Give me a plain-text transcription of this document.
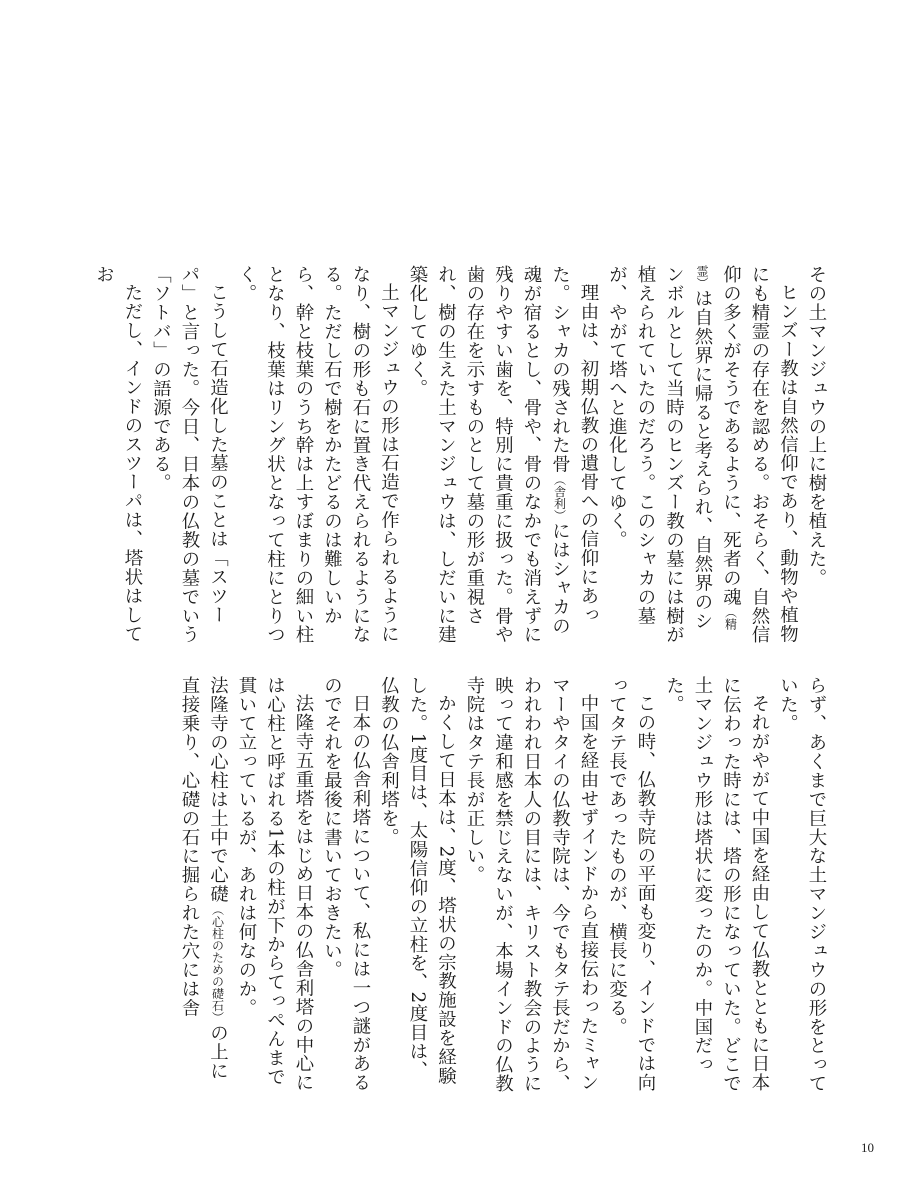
その土マンジュウの上に樹を植えた。

ヒンズー教は自然信仰であり、動物や植物にも精霊の存在を認める。おそらく、自然信仰の多くがそうであるように、死者の魂（精霊）は自然界に帰ると考えられ、自然界のシンボルとして当時のヒンズー教の墓には樹が植えられていたのだろう。このシャカの墓が、やがて塔へと進化してゆく。

理由は、初期仏教の遺骨への信仰にあった。シャカの残された骨（舎利）にはシャカの魂が宿るとし、骨や、骨のなかでも消えずに残りやすい歯を、特別に貴重に扱った。骨や歯の存在を示すものとして墓の形が重視され、樹の生えた土マンジュウは、しだいに建築化してゆく。

土マンジュウの形は石造で作られるようになり、樹の形も石に置き代えられるようになる。ただし石で樹をかたどるのは難しいから、幹と枝葉のうち幹は上すぼまりの細い柱となり、枝葉はリング状となって柱にとりつく。

こうして石造化した墓のことは「スツーパ」と言った。今日、日本の仏教の墓でいう「ソトバ」の語源である。

ただし、インドのスツーパは、塔状はしてお

らず、あくまで巨大な土マンジュウの形をとっていた。

それがやがて中国を経由して仏教とともに日本に伝わった時には、塔の形になっていた。どこで土マンジュウ形は塔状に変ったのか。中国だった。

この時、仏教寺院の平面も変り、インドでは向ってタテ長であったものが、横長に変る。

中国を経由せずインドから直接伝わったミャンマーやタイの仏教寺院は、今でもタテ長だから、われわれ日本人の目には、キリスト教会のように映って違和感を禁じえないが、本場インドの仏教寺院はタテ長が正しい。

かくして日本は、2度、塔状の宗教施設を経験した。1度目は、太陽信仰の立柱を、2度目は、仏教の仏舎利塔を。

日本の仏舎利塔について、私には一つ謎があるのでそれを最後に書いておきたい。

法隆寺五重塔をはじめ日本の仏舎利塔の中心には心柱と呼ばれる1本の柱が下からてっぺんまで貫いて立っているが、あれは何なのか。

法隆寺の心柱は土中で心礎（心柱のための礎石）の上に直接乗り、心礎の石に掘られた穴には舎

10
